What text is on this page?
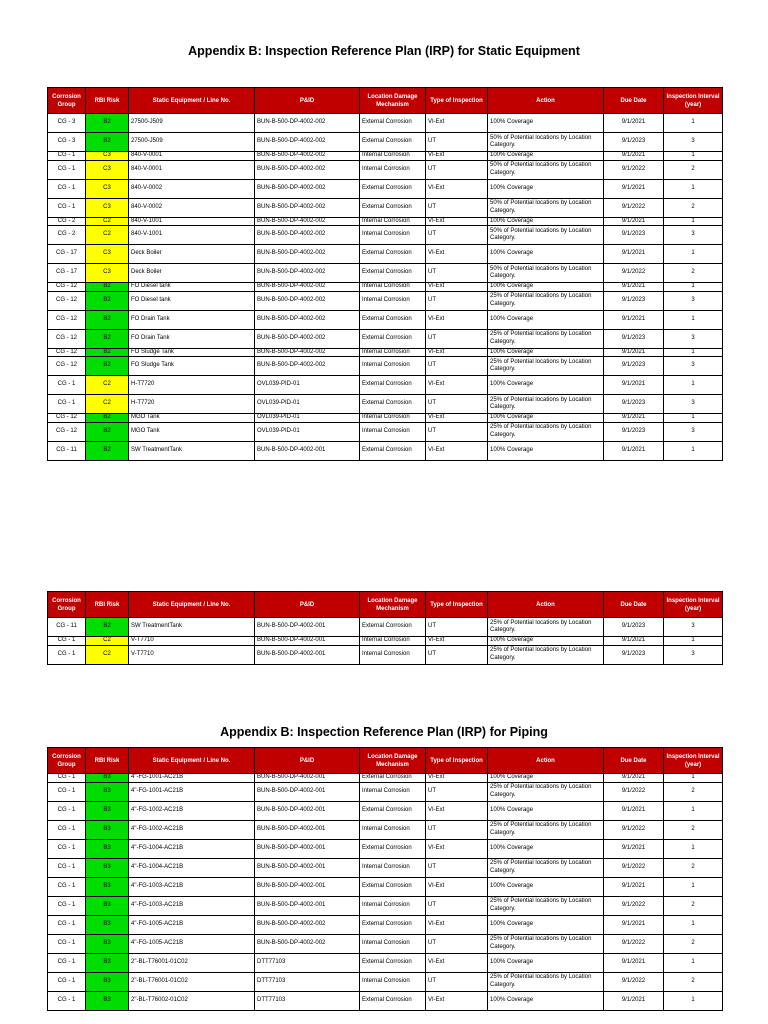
Appendix B: Inspection Reference Plan (IRP) for Static Equipment
Corrosion Group	RBI Risk	Static Equipment / Line No.	P&ID	Location Damage Mechanism	Type of Inspection	Action	Due Date	Inspection Interval (year)
CG - 3	B2	27500-J509	BUN-B-500-DP-4002-002	External Corrosion	VI-Ext	100% Coverage	9/1/2021	1
CG - 3	B2	27500-J509	BUN-B-500-DP-4002-002	External Corrosion	UT	50% of Potential locations by Location Category.	9/1/2023	3
CG - 1	C3	840-V-0001	BUN-B-500-DP-4002-002	Internal Corrosion	VI-Ext	100% Coverage	9/1/2021	1
CG - 1	C3	840-V-0001	BUN-B-500-DP-4002-002	Internal Corrosion	UT	50% of Potential locations by Location Category.	9/1/2022	2
CG - 1	C3	840-V-0002	BUN-B-500-DP-4002-002	External Corrosion	VI-Ext	100% Coverage	9/1/2021	1
CG - 1	C3	840-V-0002	BUN-B-500-DP-4002-002	External Corrosion	UT	50% of Potential locations by Location Category.	9/1/2022	2
CG - 2	C2	840-V-1001	BUN-B-500-DP-4002-002	Internal Corrosion	VI-Ext	100% Coverage	9/1/2021	1
CG - 2	C2	840-V-1001	BUN-B-500-DP-4002-002	Internal Corrosion	UT	50% of Potential locations by Location Category.	9/1/2023	3
CG - 17	C3	Deck Boiler	BUN-B-500-DP-4002-002	External Corrosion	VI-Ext	100% Coverage	9/1/2021	1
CG - 17	C3	Deck Boiler	BUN-B-500-DP-4002-002	External Corrosion	UT	50% of Potential locations by Location Category.	9/1/2022	2
CG - 12	B2	FO Diesel tank	BUN-B-500-DP-4002-002	Internal Corrosion	VI-Ext	100% Coverage	9/1/2021	1
CG - 12	B2	FO Diesel tank	BUN-B-500-DP-4002-002	Internal Corrosion	UT	25% of Potential locations by Location Category.	9/1/2023	3
CG - 12	B2	FO Drain Tank	BUN-B-500-DP-4002-002	External Corrosion	VI-Ext	100% Coverage	9/1/2021	1
CG - 12	B2	FO Drain Tank	BUN-B-500-DP-4002-002	External Corrosion	UT	25% of Potential locations by Location Category.	9/1/2023	3
CG - 12	B2	FO Sludge Tank	BUN-B-500-DP-4002-002	Internal Corrosion	VI-Ext	100% Coverage	9/1/2021	1
CG - 12	B2	FO Sludge Tank	BUN-B-500-DP-4002-002	Internal Corrosion	UT	25% of Potential locations by Location Category.	9/1/2023	3
CG - 1	C2	H-T7720	OVL039-PID-01	External Corrosion	VI-Ext	100% Coverage	9/1/2021	1
CG - 1	C2	H-T7720	OVL039-PID-01	External Corrosion	UT	25% of Potential locations by Location Category.	9/1/2023	3
CG - 12	B2	MGO Tank	OVL039-PID-01	Internal Corrosion	VI-Ext	100% Coverage	9/1/2021	1
CG - 12	B2	MGO Tank	OVL039-PID-01	Internal Corrosion	UT	25% of Potential locations by Location Category.	9/1/2023	3
CG - 11	B2	SW TreatmentTank	BUN-B-500-DP-4002-001	External Corrosion	VI-Ext	100% Coverage	9/1/2021	1
Corrosion Group	RBI Risk	Static Equipment / Line No.	P&ID	Location Damage Mechanism	Type of Inspection	Action	Due Date	Inspection Interval (year)
CG - 11	B2	SW TreatmentTank	BUN-B-500-DP-4002-001	External Corrosion	UT	25% of Potential locations by Location Category.	9/1/2023	3
CG - 1	C2	V-T7710	BUN-B-500-DP-4002-001	Internal Corrosion	VI-Ext	100% Coverage	9/1/2021	1
CG - 1	C2	V-T7710	BUN-B-500-DP-4002-001	Internal Corrosion	UT	25% of Potential locations by Location Category.	9/1/2023	3
Appendix B: Inspection Reference Plan (IRP) for Piping
Corrosion Group	RBI Risk	Static Equipment / Line No.	P&ID	Location Damage Mechanism	Type of Inspection	Action	Due Date	Inspection Interval (year)
CG - 1	B3	4"-FG-1001-AC21B	BUN-B-500-DP-4002-001	External Corrosion	VI-Ext	100% Coverage	9/1/2021	1
CG - 1	B3	4"-FG-1001-AC21B	BUN-B-500-DP-4002-001	Internal Corrosion	UT	25% of Potential locations by Location Category.	9/1/2022	2
CG - 1	B3	4"-FG-1002-AC21B	BUN-B-500-DP-4002-001	External Corrosion	VI-Ext	100% Coverage	9/1/2021	1
CG - 1	B3	4"-FG-1002-AC21B	BUN-B-500-DP-4002-001	Internal Corrosion	UT	25% of Potential locations by Location Category.	9/1/2022	2
CG - 1	B3	4"-FG-1004-AC21B	BUN-B-500-DP-4002-001	External Corrosion	VI-Ext	100% Coverage	9/1/2021	1
CG - 1	B3	4"-FG-1004-AC21B	BUN-B-500-DP-4002-001	Internal Corrosion	UT	25% of Potential locations by Location Category.	9/1/2022	2
CG - 1	B3	4"-FG-1003-AC21B	BUN-B-500-DP-4002-001	External Corrosion	VI-Ext	100% Coverage	9/1/2021	1
CG - 1	B3	4"-FG-1003-AC21B	BUN-B-500-DP-4002-001	Internal Corrosion	UT	25% of Potential locations by Location Category.	9/1/2022	2
CG - 1	B3	4"-FG-1005-AC21B	BUN-B-500-DP-4002-002	External Corrosion	VI-Ext	100% Coverage	9/1/2021	1
CG - 1	B3	4"-FG-1005-AC21B	BUN-B-500-DP-4002-002	Internal Corrosion	UT	25% of Potential locations by Location Category.	9/1/2022	2
CG - 1	B3	2"-BL-T76001-01C02	DTT77103	External Corrosion	VI-Ext	100% Coverage	9/1/2021	1
CG - 1	B3	2"-BL-T76001-01C02	DTT77103	Internal Corrosion	UT	25% of Potential locations by Location Category.	9/1/2022	2
CG - 1	B3	2"-BL-T76002-01C02	DTT77103	External Corrosion	VI-Ext	100% Coverage	9/1/2021	1
